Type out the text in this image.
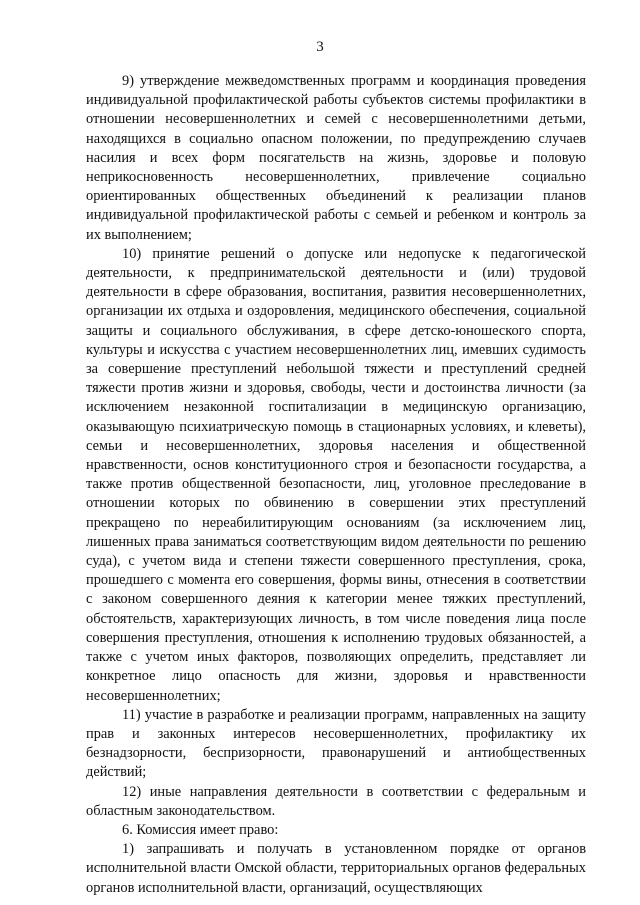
3

9) утверждение межведомственных программ и координация проведения индивидуальной профилактической работы субъектов системы профилактики в отношении несовершеннолетних и семей с несовершеннолетними детьми, находящихся в социально опасном положении, по предупреждению случаев насилия и всех форм посягательств на жизнь, здоровье и половую неприкосновенность несовершеннолетних, привлечение социально ориентированных общественных объединений к реализации планов индивидуальной профилактической работы с семьей и ребенком и контроль за их выполнением;

10) принятие решений о допуске или недопуске к педагогической деятельности, к предпринимательской деятельности и (или) трудовой деятельности в сфере образования, воспитания, развития несовершеннолетних, организации их отдыха и оздоровления, медицинского обеспечения, социальной защиты и социального обслуживания, в сфере детско-юношеского спорта, культуры и искусства с участием несовершеннолетних лиц, имевших судимость за совершение преступлений небольшой тяжести и преступлений средней тяжести против жизни и здоровья, свободы, чести и достоинства личности (за исключением незаконной госпитализации в медицинскую организацию, оказывающую психиатрическую помощь в стационарных условиях, и клеветы), семьи и несовершеннолетних, здоровья населения и общественной нравственности, основ конституционного строя и безопасности государства, а также против общественной безопасности, лиц, уголовное преследование в отношении которых по обвинению в совершении этих преступлений прекращено по нереабилитирующим основаниям (за исключением лиц, лишенных права заниматься соответствующим видом деятельности по решению суда), с учетом вида и степени тяжести совершенного преступления, срока, прошедшего с момента его совершения, формы вины, отнесения в соответствии с законом совершенного деяния к категории менее тяжких преступлений, обстоятельств, характеризующих личность, в том числе поведения лица после совершения преступления, отношения к исполнению трудовых обязанностей, а также с учетом иных факторов, позволяющих определить, представляет ли конкретное лицо опасность для жизни, здоровья и нравственности несовершеннолетних;

11) участие в разработке и реализации программ, направленных на защиту прав и законных интересов несовершеннолетних, профилактику их безнадзорности, беспризорности, правонарушений и антиобщественных действий;

12) иные направления деятельности в соответствии с федеральным и областным законодательством.

6. Комиссия имеет право:

1) запрашивать и получать в установленном порядке от органов исполнительной власти Омской области, территориальных органов федеральных органов исполнительной власти, организаций, осуществляющих
